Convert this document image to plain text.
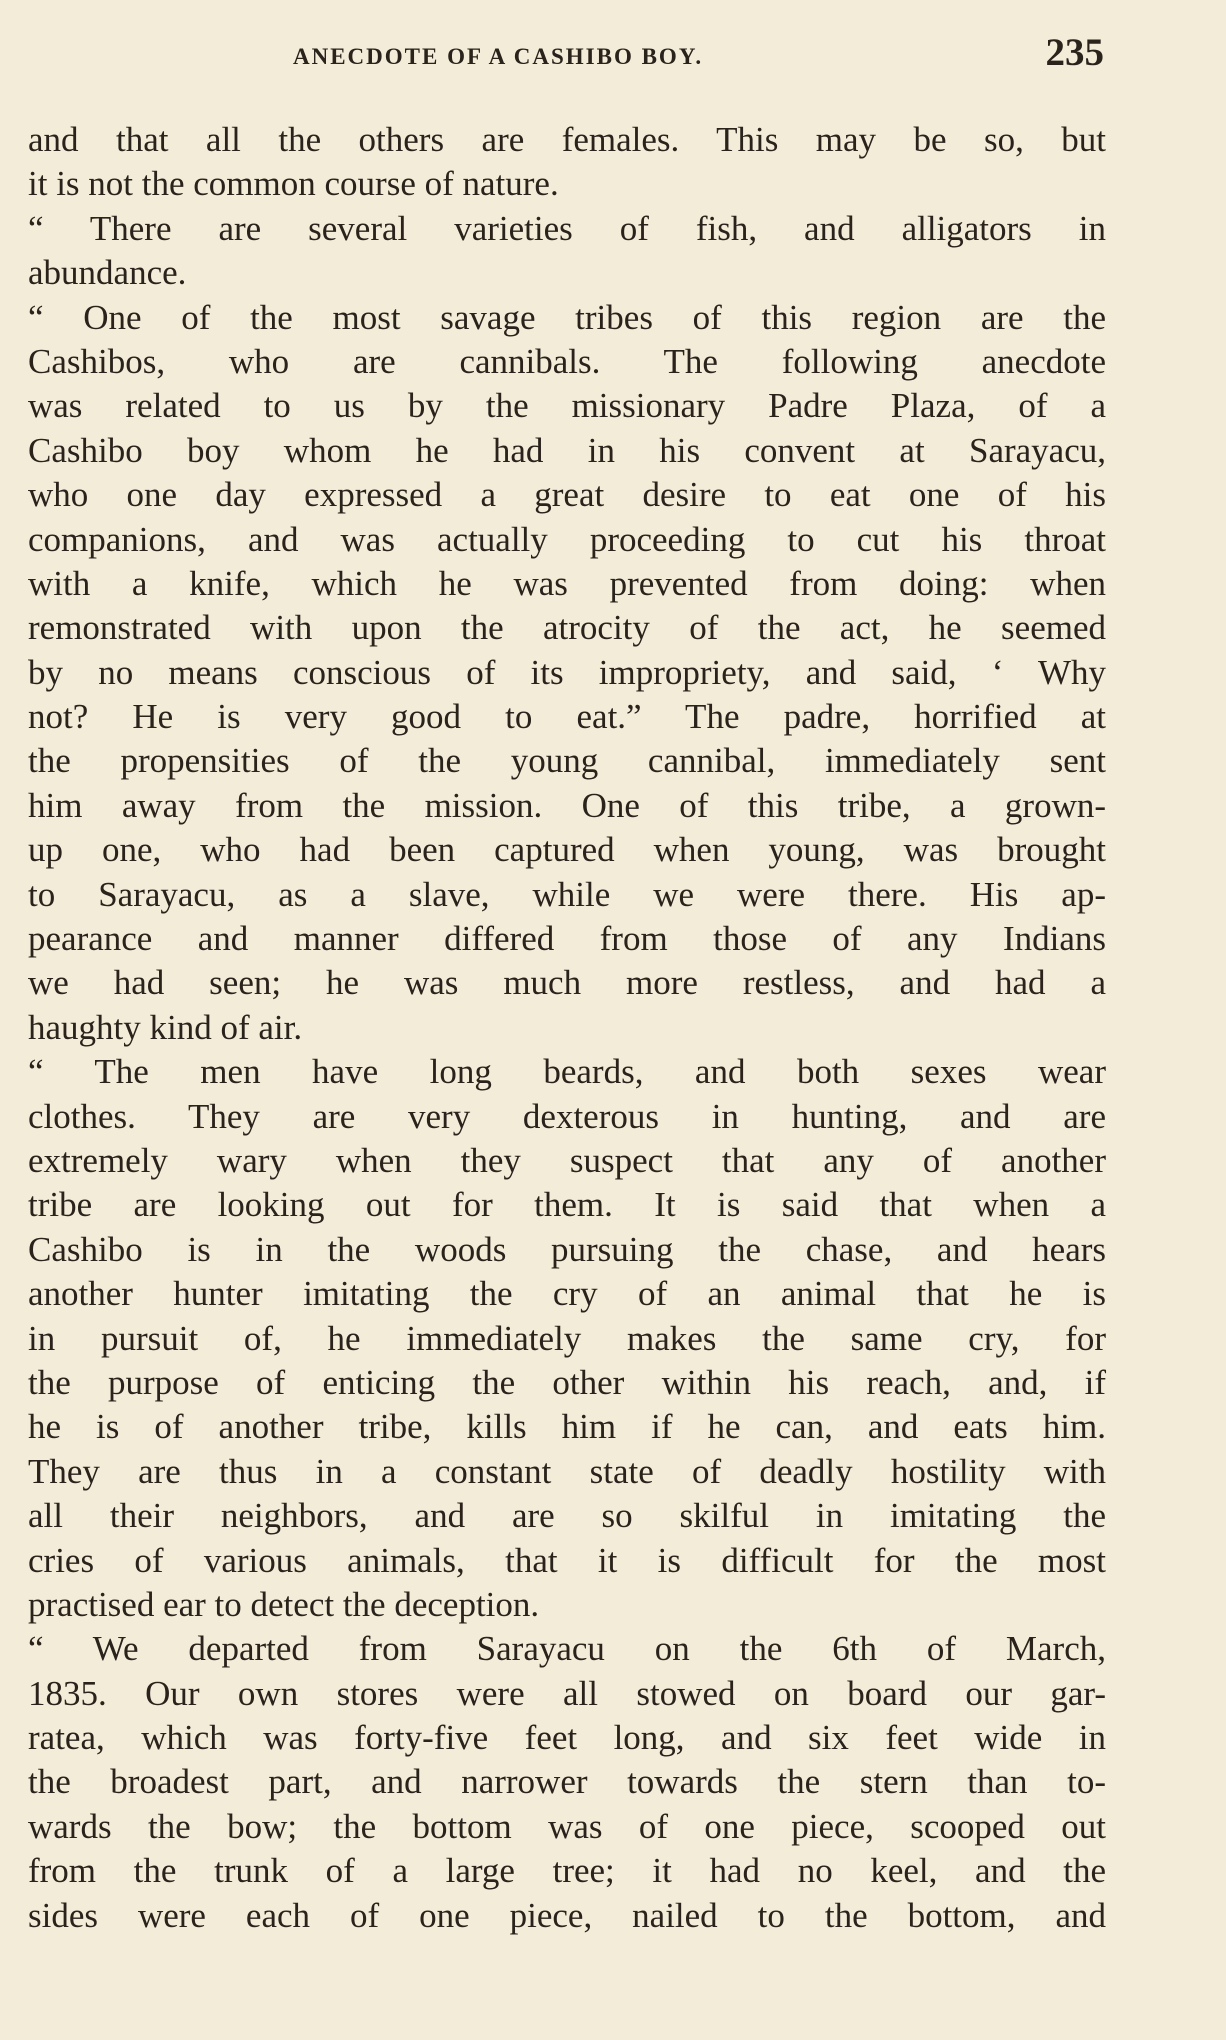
ANECDOTE OF A CASHIBO BOY.	235
and that all the others are females. This may be so, but
it is not the common course of nature.
“ There are several varieties of fish, and alligators in
abundance.
“ One of the most savage tribes of this region are the
Cashibos, who are cannibals. The following anecdote
was related to us by the missionary Padre Plaza, of a
Cashibo boy whom he had in his convent at Sarayacu,
who one day expressed a great desire to eat one of his
companions, and was actually proceeding to cut his throat
with a knife, which he was prevented from doing: when
remonstrated with upon the atrocity of the act, he seemed
by no means conscious of its impropriety, and said, ‘ Why
not? He is very good to eat.” The padre, horrified at
the propensities of the young cannibal, immediately sent
him away from the mission. One of this tribe, a grown-
up one, who had been captured when young, was brought
to Sarayacu, as a slave, while we were there. His ap-
pearance and manner differed from those of any Indians
we had seen; he was much more restless, and had a
haughty kind of air.
“ The men have long beards, and both sexes wear
clothes. They are very dexterous in hunting, and are
extremely wary when they suspect that any of another
tribe are looking out for them. It is said that when a
Cashibo is in the woods pursuing the chase, and hears
another hunter imitating the cry of an animal that he is
in pursuit of, he immediately makes the same cry, for
the purpose of enticing the other within his reach, and, if
he is of another tribe, kills him if he can, and eats him.
They are thus in a constant state of deadly hostility with
all their neighbors, and are so skilful in imitating the
cries of various animals, that it is difficult for the most
practised ear to detect the deception.
“ We departed from Sarayacu on the 6th of March,
1835. Our own stores were all stowed on board our gar-
ratea, which was forty-five feet long, and six feet wide in
the broadest part, and narrower towards the stern than to-
wards the bow; the bottom was of one piece, scooped out
from the trunk of a large tree; it had no keel, and the
sides were each of one piece, nailed to the bottom, and
